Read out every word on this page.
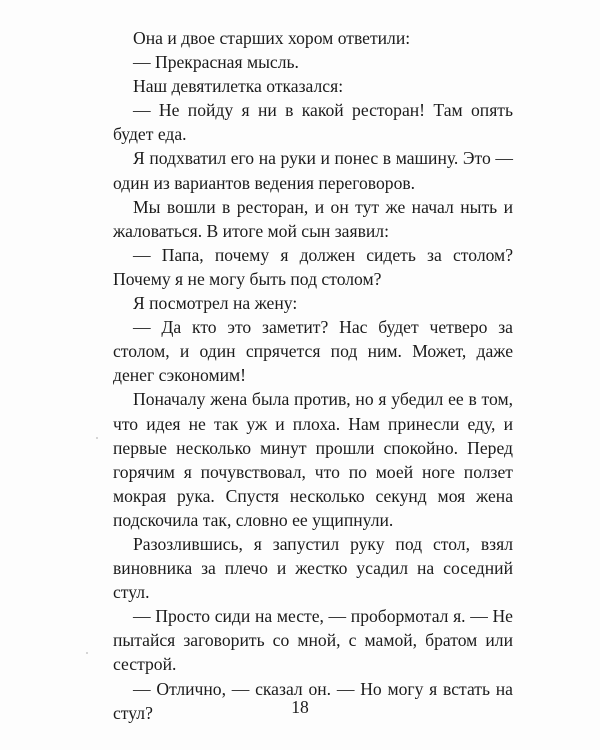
Она и двое старших хором ответили:

— Прекрасная мысль.

Наш девятилетка отказался:

— Не пойду я ни в какой ресторан! Там опять будет еда.

Я подхватил его на руки и понес в машину. Это — один из вариантов ведения переговоров.

Мы вошли в ресторан, и он тут же начал ныть и жаловаться. В итоге мой сын заявил:

— Папа, почему я должен сидеть за столом? Почему я не могу быть под столом?

Я посмотрел на жену:

— Да кто это заметит? Нас будет четверо за столом, и один спрячется под ним. Может, даже денег сэкономим!

Поначалу жена была против, но я убедил ее в том, что идея не так уж и плоха. Нам принесли еду, и первые несколько минут прошли спокойно. Перед горячим я почувствовал, что по моей ноге ползет мокрая рука. Спустя несколько секунд моя жена подскочила так, словно ее ущипнули.

Разозлившись, я запустил руку под стол, взял виновника за плечо и жестко усадил на соседний стул.

— Просто сиди на месте, — пробормотал я. — Не пытайся заговорить со мной, с мамой, братом или сестрой.

— Отлично, — сказал он. — Но могу я встать на стул?	18
